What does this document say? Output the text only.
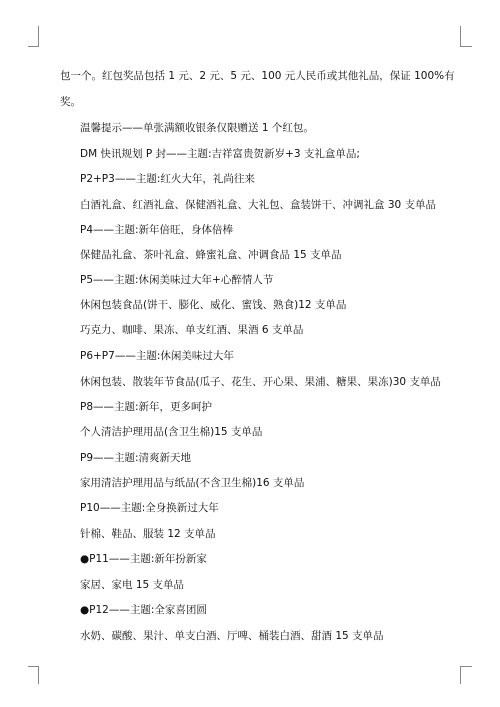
包一个。红包奖品包括 1 元、2 元、5 元、100 元人民币或其他礼品，保证 100%有
奖。
温馨提示——单张满额收银条仅限赠送 1 个红包。
DM 快讯规划 P 封——主题:吉祥富贵贺新岁+3 支礼盒单品;
P2+P3——主题:红火大年，礼尚往来
白酒礼盒、红酒礼盒、保健酒礼盒、大礼包、盒装饼干、冲调礼盒 30 支单品
P4——主题:新年倍旺，身体倍棒
保健品礼盒、茶叶礼盒、蜂蜜礼盒、冲调食品 15 支单品
P5——主题:休闲美味过大年+心醉情人节
休闲包装食品(饼干、膨化、威化、蜜饯、熟食)12 支单品
巧克力、咖啡、果冻、单支红酒、果酒 6 支单品
P6+P7——主题:休闲美味过大年
休闲包装、散装年节食品(瓜子、花生、开心果、果浦、糖果、果冻)30 支单品
P8——主题:新年，更多呵护
个人清洁护理用品(含卫生棉)15 支单品
P9——主题:清爽新天地
家用清洁护理用品与纸品(不含卫生棉)16 支单品
P10——主题:全身换新过大年
针棉、鞋品、服装 12 支单品
●P11——主题:新年扮新家
家居、家电 15 支单品
●P12——主题:全家喜团圆
水奶、碳酸、果汁、单支白酒、厅啤、桶装白酒、甜酒 15 支单品
